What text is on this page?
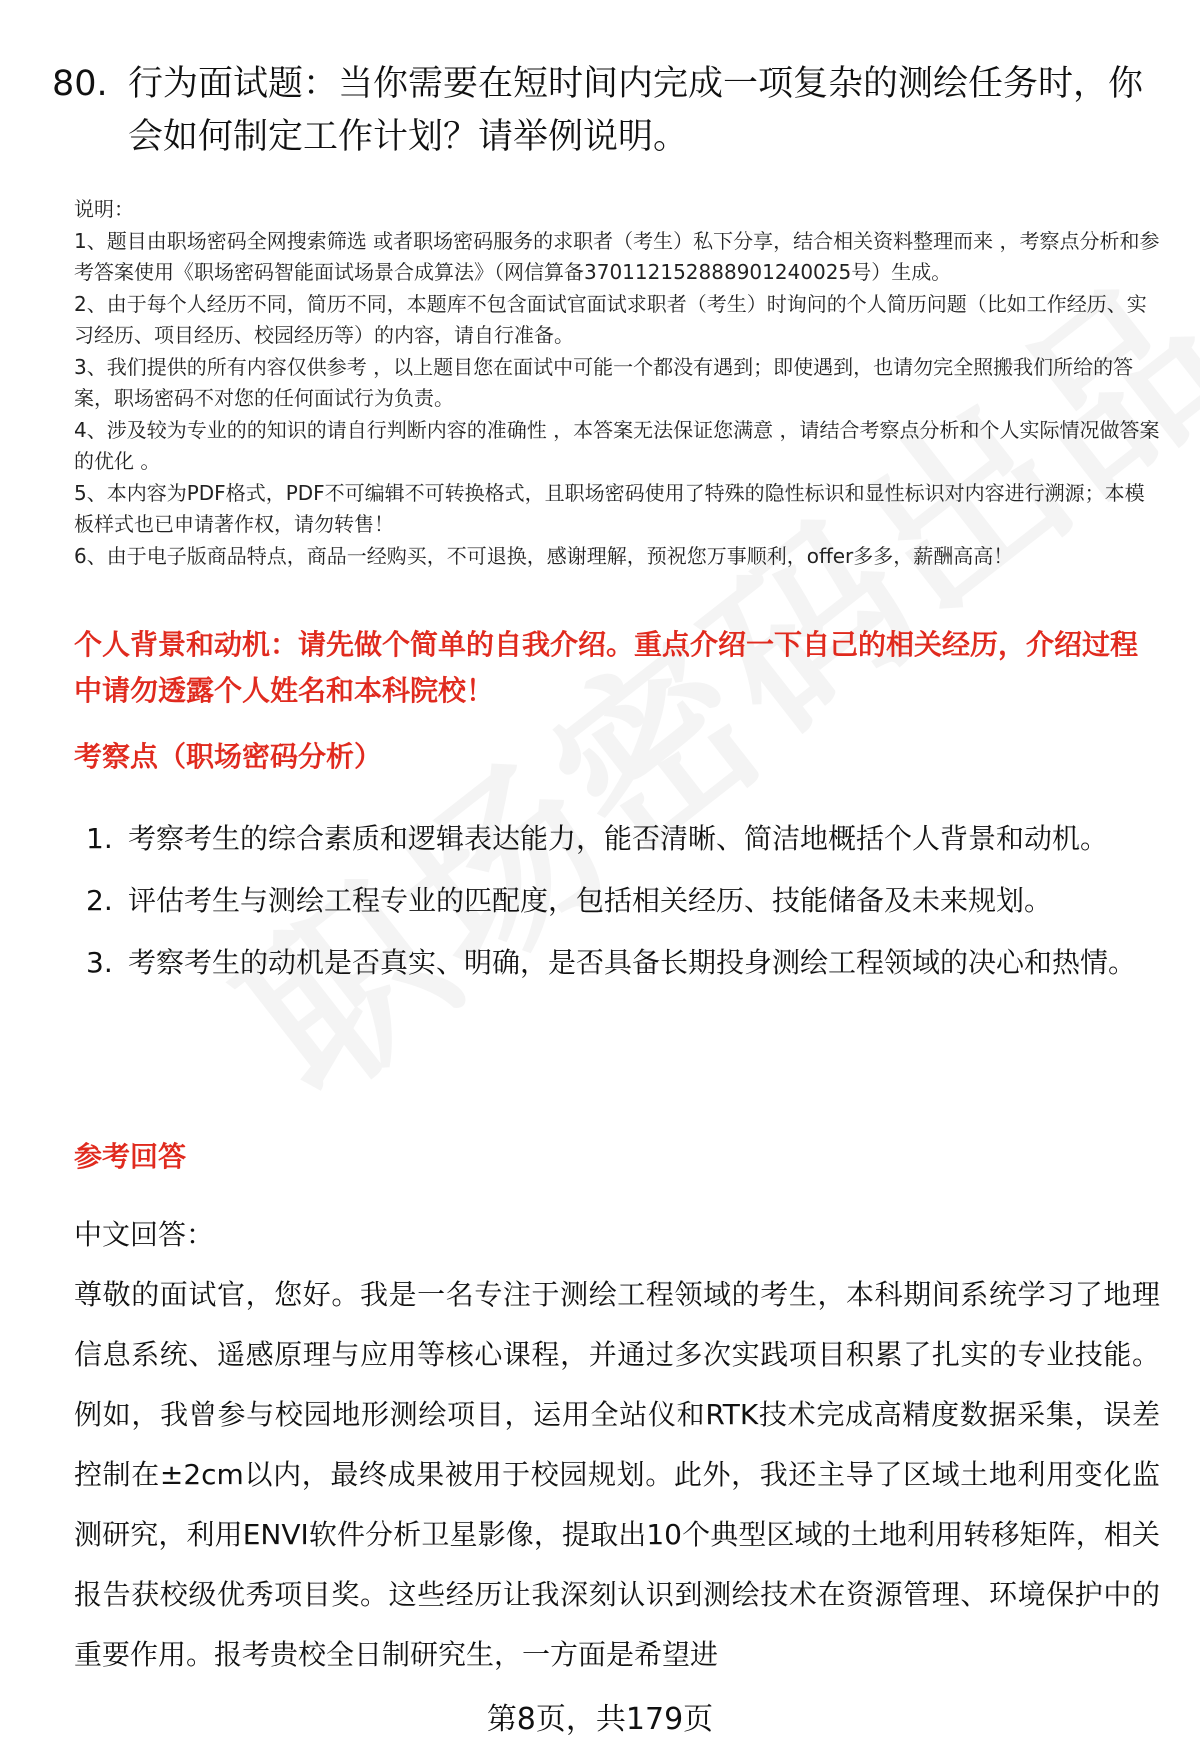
80. 行为面试题：当你需要在短时间内完成一项复杂的测绘任务时，你会如何制定工作计划？请举例说明。

说明：

1、题目由职场密码全网搜索筛选 或者职场密码服务的求职者（考生）私下分享，结合相关资料整理而来 ，考察点分析和参考答案使用《职场密码智能面试场景合成算法》（网信算备370112152888901240025号）生成。

2、由于每个人经历不同，简历不同，本题库不包含面试官面试求职者（考生）时询问的个人简历问题（比如工作经历、实习经历、项目经历、校园经历等）的内容，请自行准备。

3、我们提供的所有内容仅供参考 ，以上题目您在面试中可能一个都没有遇到；即使遇到，也请勿完全照搬我们所给的答案，职场密码不对您的任何面试行为负责。

4、涉及较为专业的的知识的请自行判断内容的准确性 ，本答案无法保证您满意 ，请结合考察点分析和个人实际情况做答案的优化 。

5、本内容为PDF格式，PDF不可编辑不可转换格式，且职场密码使用了特殊的隐性标识和显性标识对内容进行溯源；本模板样式也已申请著作权，请勿转售！

6、由于电子版商品特点，商品一经购买，不可退换，感谢理解，预祝您万事顺利，offer多多，薪酬高高！

个人背景和动机：请先做个简单的自我介绍。重点介绍一下自己的相关经历，介绍过程中请勿透露个人姓名和本科院校！
考察点（职场密码分析）
1. 考察考生的综合素质和逻辑表达能力，能否清晰、简洁地概括个人背景和动机。
2. 评估考生与测绘工程专业的匹配度，包括相关经历、技能储备及未来规划。
3. 考察考生的动机是否真实、明确，是否具备长期投身测绘工程领域的决心和热情。
参考回答

中文回答：

尊敬的面试官，您好。我是一名专注于测绘工程领域的考生，本科期间系统学习了地理信息系统、遥感原理与应用等核心课程，并通过多次实践项目积累了扎实的专业技能。例如，我曾参与校园地形测绘项目，运用全站仪和RTK技术完成高精度数据采集，误差控制在±2cm以内，最终成果被用于校园规划。此外，我还主导了区域土地利用变化监测研究，利用ENVI软件分析卫星影像，提取出10个典型区域的土地利用转移矩阵，相关报告获校级优秀项目奖。这些经历让我深刻认识到测绘技术在资源管理、环境保护中的重要作用。报考贵校全日制研究生，一方面是希望进

第8页，共179页
